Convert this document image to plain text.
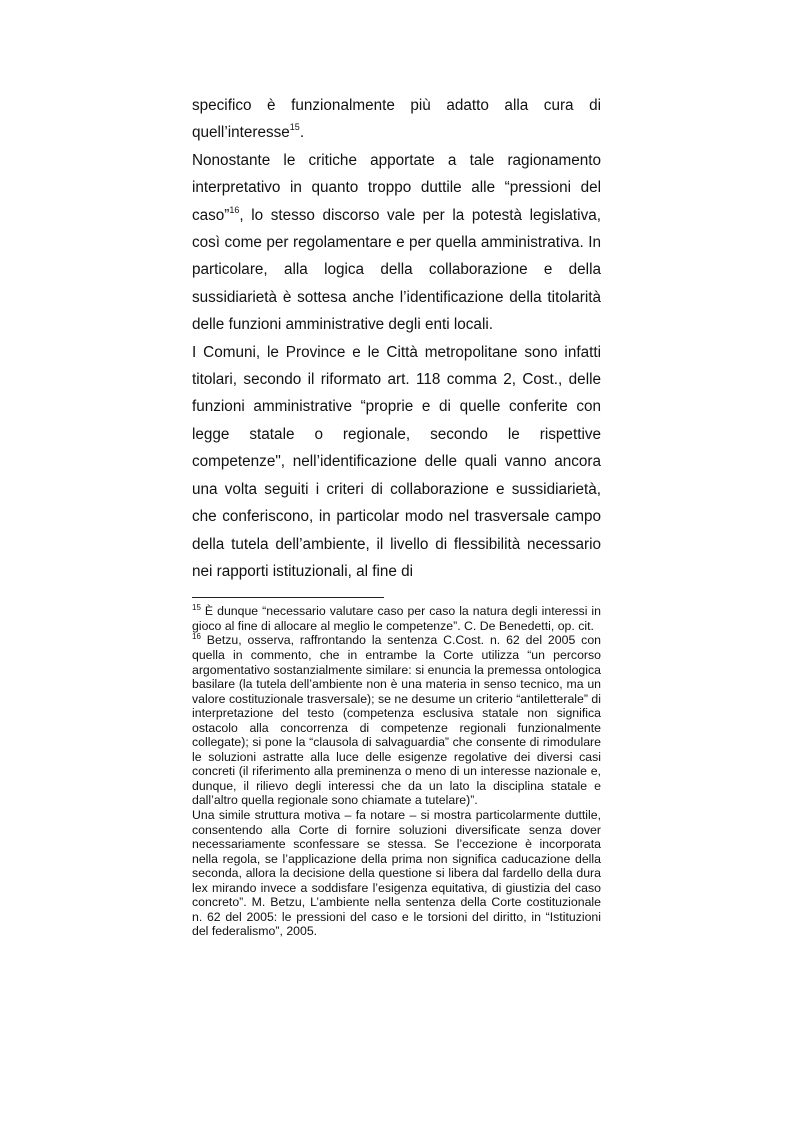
specifico è funzionalmente più adatto alla cura di quell’interesse$^{15}$.

Nonostante le critiche apportate a tale ragionamento interpretativo in quanto troppo duttile alle “pressioni del caso”$^{16}$, lo stesso discorso vale per la potestà legislativa, così come per regolamentare e per quella amministrativa. In particolare, alla logica della collaborazione e della sussidiarietà è sottesa anche l’identificazione della titolarità delle funzioni amministrative degli enti locali.

I Comuni, le Province e le Città metropolitane sono infatti titolari, secondo il riformato art. 118 comma 2, Cost., delle funzioni amministrative “proprie e di quelle conferite con legge statale o regionale, secondo le rispettive competenze", nell’identificazione delle quali vanno ancora una volta seguiti i criteri di collaborazione e sussidiarietà, che conferiscono, in particolar modo nel trasversale campo della tutela dell’ambiente, il livello di flessibilità necessario nei rapporti istituzionali, al fine di

$^{15}$ È dunque “necessario valutare caso per caso la natura degli interessi in gioco al fine di allocare al meglio le competenze”. C. De Benedetti, op. cit.

$^{16}$ Betzu, osserva, raffrontando la sentenza C.Cost. n. 62 del 2005 con quella in commento, che in entrambe la Corte utilizza “un percorso argomentativo sostanzialmente similare: si enuncia la premessa ontologica basilare (la tutela dell’ambiente non è una materia in senso tecnico, ma un valore costituzionale trasversale); se ne desume un criterio “antiletterale” di interpretazione del testo (competenza esclusiva statale non significa ostacolo alla concorrenza di competenze regionali funzionalmente collegate); si pone la “clausola di salvaguardia” che consente di rimodulare le soluzioni astratte alla luce delle esigenze regolative dei diversi casi concreti (il riferimento alla preminenza o meno di un interesse nazionale e, dunque, il rilievo degli interessi che da un lato la disciplina statale e dall’altro quella regionale sono chiamate a tutelare)”.

Una simile struttura motiva – fa notare – si mostra particolarmente duttile, consentendo alla Corte di fornire soluzioni diversificate senza dover necessariamente sconfessare se stessa. Se l’eccezione è incorporata nella regola, se l’applicazione della prima non significa caducazione della seconda, allora la decisione della questione si libera dal fardello della dura lex mirando invece a soddisfare l’esigenza equitativa, di giustizia del caso concreto”. M. Betzu, L’ambiente nella sentenza della Corte costituzionale n. 62 del 2005: le pressioni del caso e le torsioni del diritto, in “Istituzioni del federalismo”, 2005.
